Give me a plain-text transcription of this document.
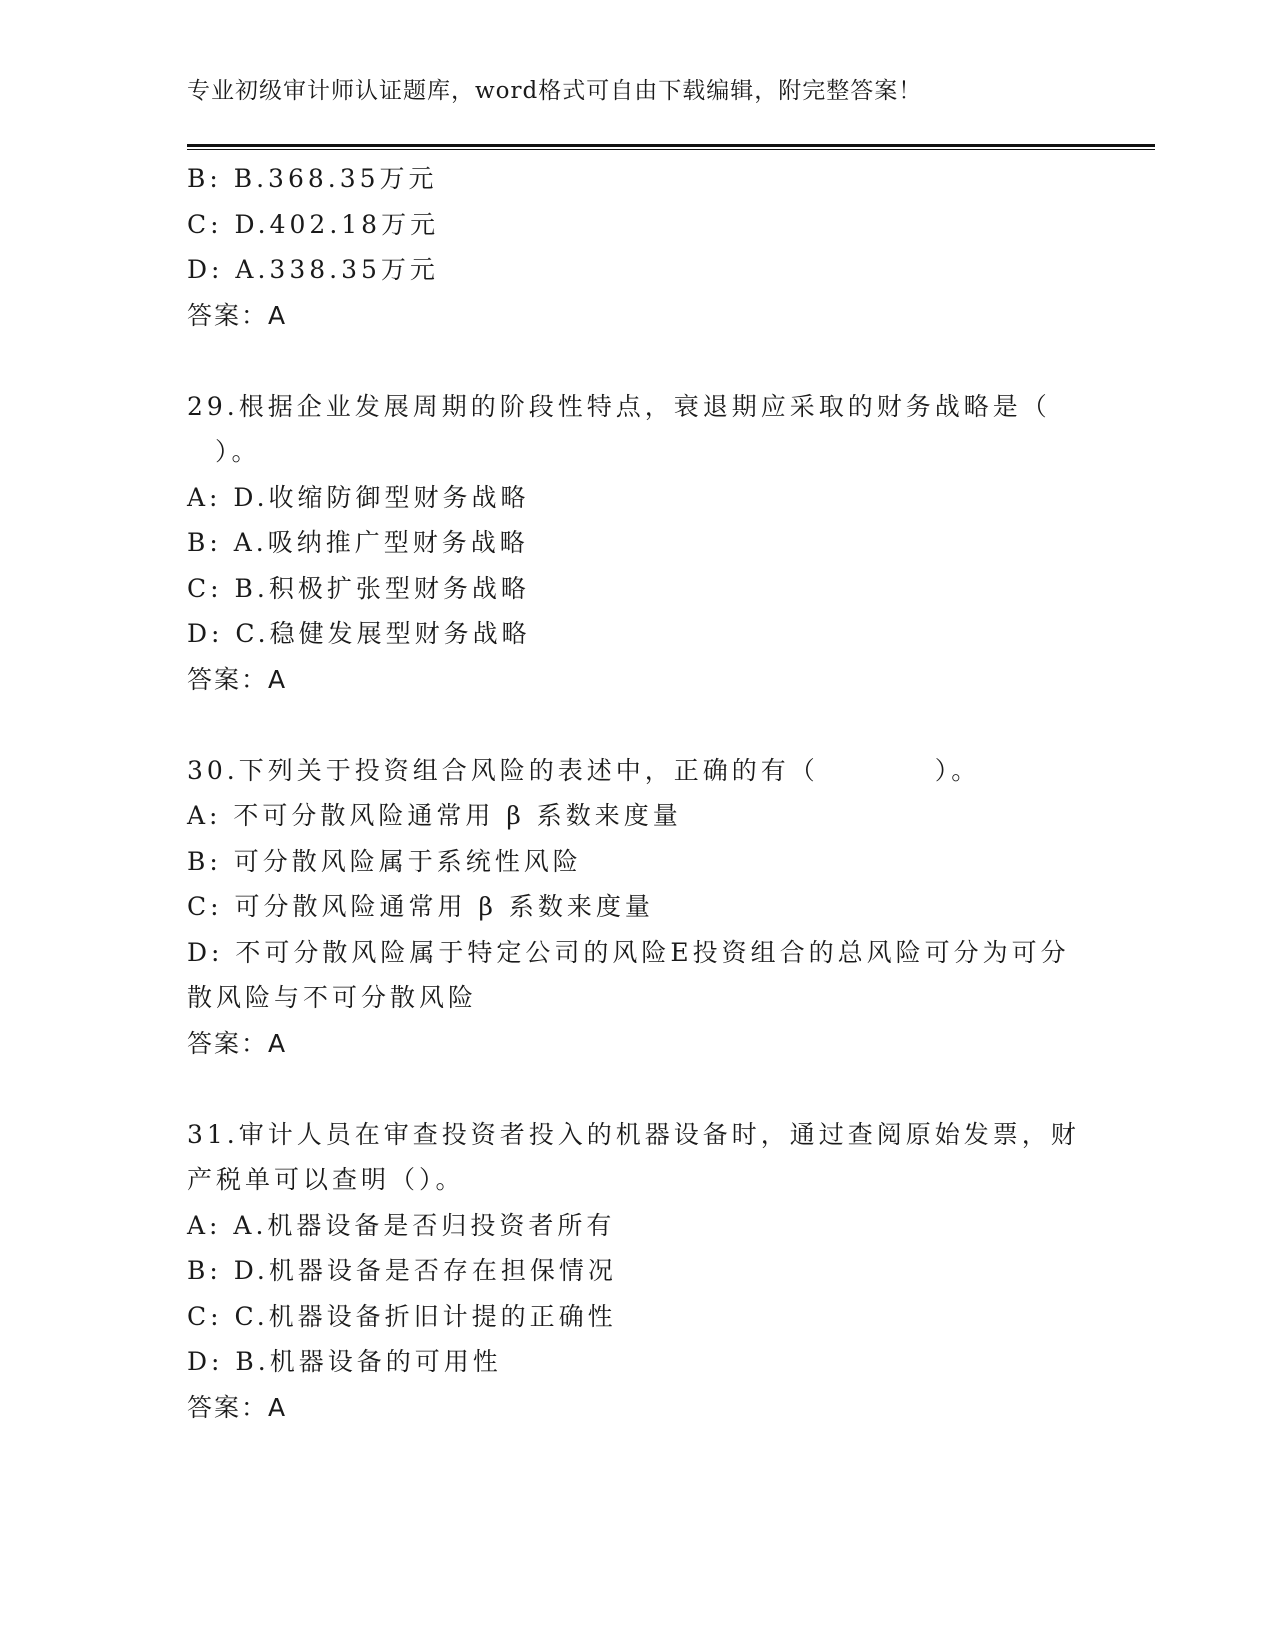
专业初级审计师认证题库，word格式可自由下载编辑，附完整答案！
B: B.368.35万元
C: D.402.18万元
D: A.338.35万元
答案：A
29.根据企业发展周期的阶段性特点，衰退期应采取的财务战略是（
）。
A: D.收缩防御型财务战略
B: A.吸纳推广型财务战略
C: B.积极扩张型财务战略
D: C.稳健发展型财务战略
答案：A
30.下列关于投资组合风险的表述中，正确的有（　　　　）。
A: 不可分散风险通常用 β 系数来度量
B: 可分散风险属于系统性风险
C: 可分散风险通常用 β 系数来度量
D: 不可分散风险属于特定公司的风险E投资组合的总风险可分为可分
散风险与不可分散风险
答案：A
31.审计人员在审查投资者投入的机器设备时，通过查阅原始发票，财
产税单可以查明（）。
A: A.机器设备是否归投资者所有
B: D.机器设备是否存在担保情况
C: C.机器设备折旧计提的正确性
D: B.机器设备的可用性
答案：A
